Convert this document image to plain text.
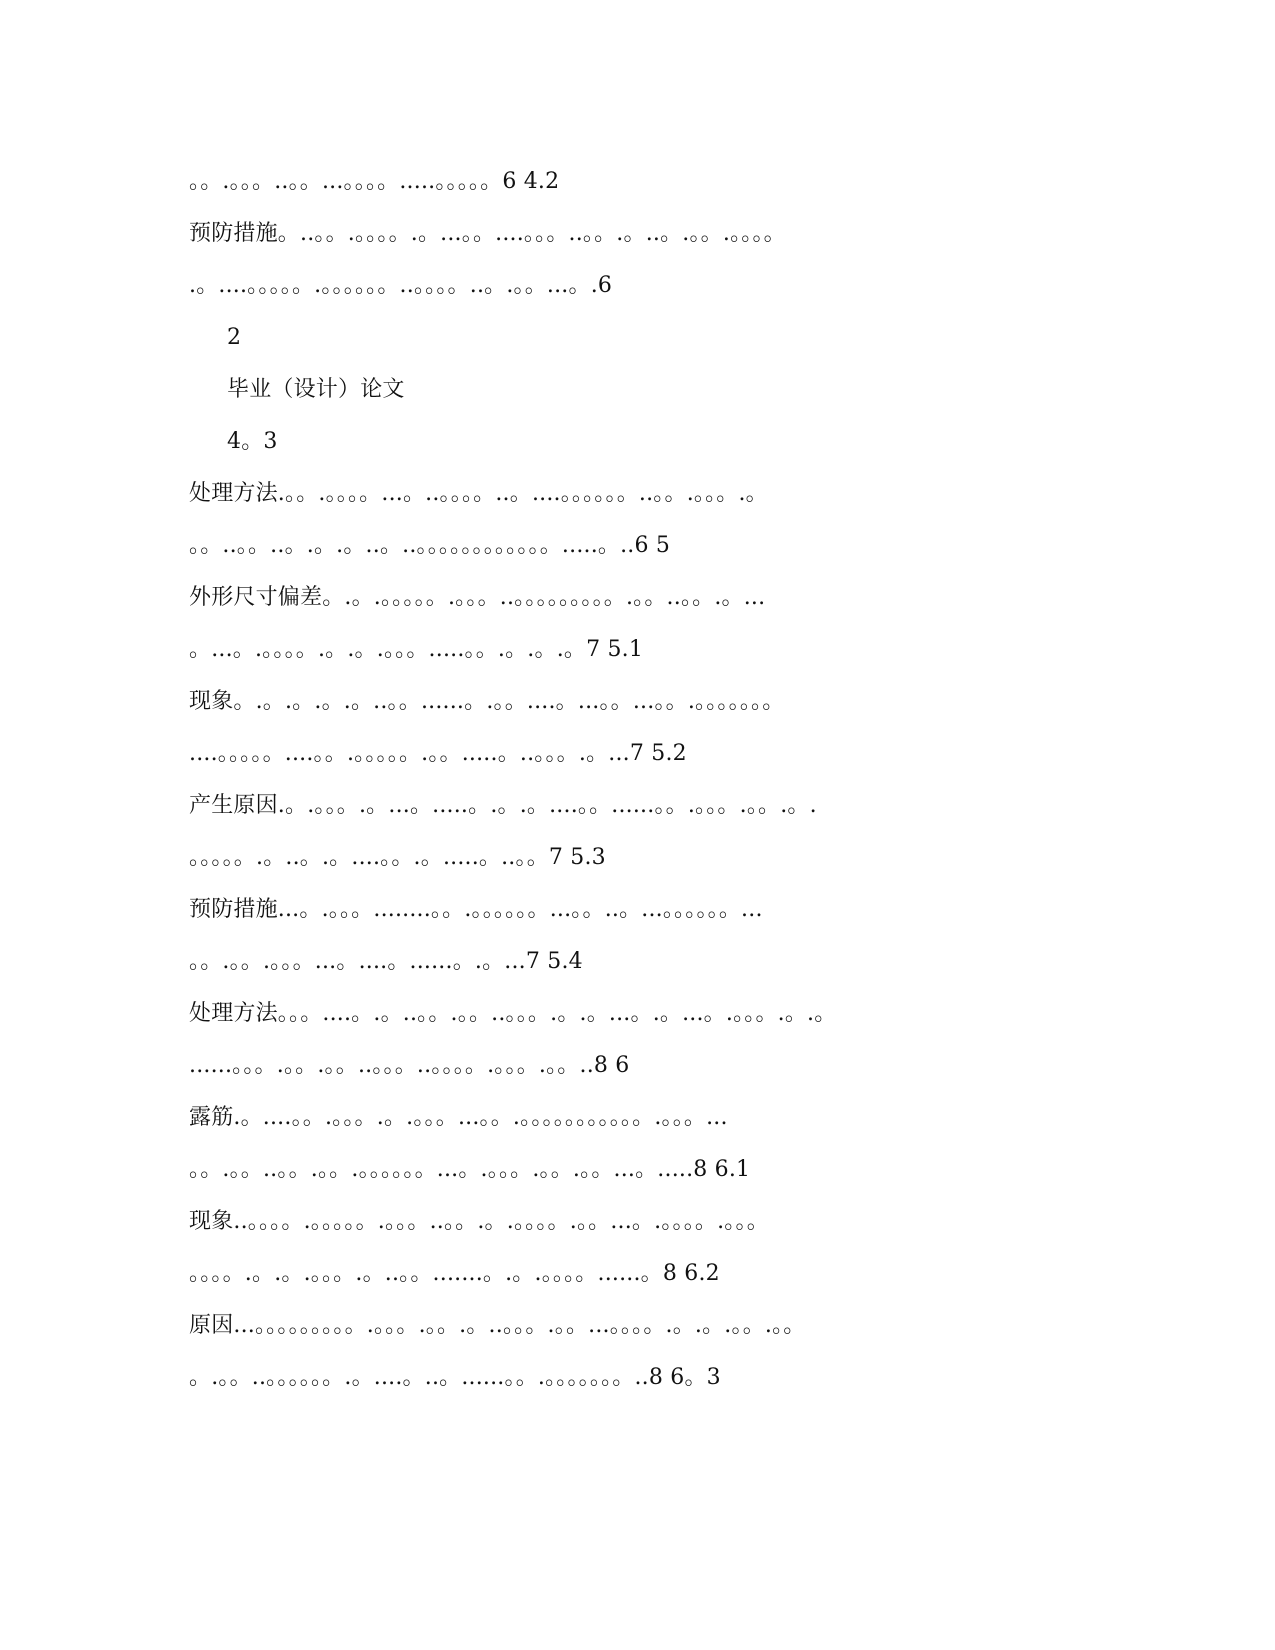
。。.。。。..。。...。。。。.....。。。。。6 4.2
预防措施。..。。.。。。。.。...。。....。。。..。。.。..。.。。.。。。。
.。....。。。。。.。。。。。。..。。。。..。.。。...。.6
2
毕业（设计）论文
4。3
处理方法.。。.。。。。...。..。。。。..。....。。。。。。..。。.。。。.。
。。..。。..。.。.。..。..。。。。。。。。。。。。.....。..6 5
外形尺寸偏差。.。.。。。。。.。。。..。。。。。。。。。.。。..。。.。...
。...。.。。。。.。.。.。。。.....。。.。.。.。7 5.1
现象。.。.。.。.。..。。......。.。。....。...。。...。。.。。。。。。。
....。。。。。....。。.。。。。。.。。.....。..。。。.。...7 5.2
产生原因.。.。。。.。...。.....。.。.。....。。......。。.。。。.。。.。.
。。。。。.。..。.。....。。.。.....。..。。7 5.3
预防措施...。.。。。........。。.。。。。。。...。。..。...。。。。。。...
。。.。。.。。。...。....。......。.。...7 5.4
处理方法。。。....。.。..。。.。。..。。。.。.。...。.。...。.。。。.。.。
......。。。.。。.。。..。。。..。。。。.。。。.。。..8 6
露筋.。....。。.。。。.。.。。。...。。.。。。。。。。。。。。.。。。...
。。.。。..。。.。。.。。。。。。...。.。。。.。。.。。...。.....8 6.1
现象..。。。。.。。。。。.。。。..。。.。.。。。。.。。...。.。。。。.。。。
。。。。.。.。.。。。.。..。。.......。.。.。。。。......。8 6.2
原因...。。。。。。。。。.。。。.。。.。..。。。.。。...。。。。.。.。.。。.。。
。.。。..。。。。。。.。....。..。......。。.。。。。。。。..8 6。3
